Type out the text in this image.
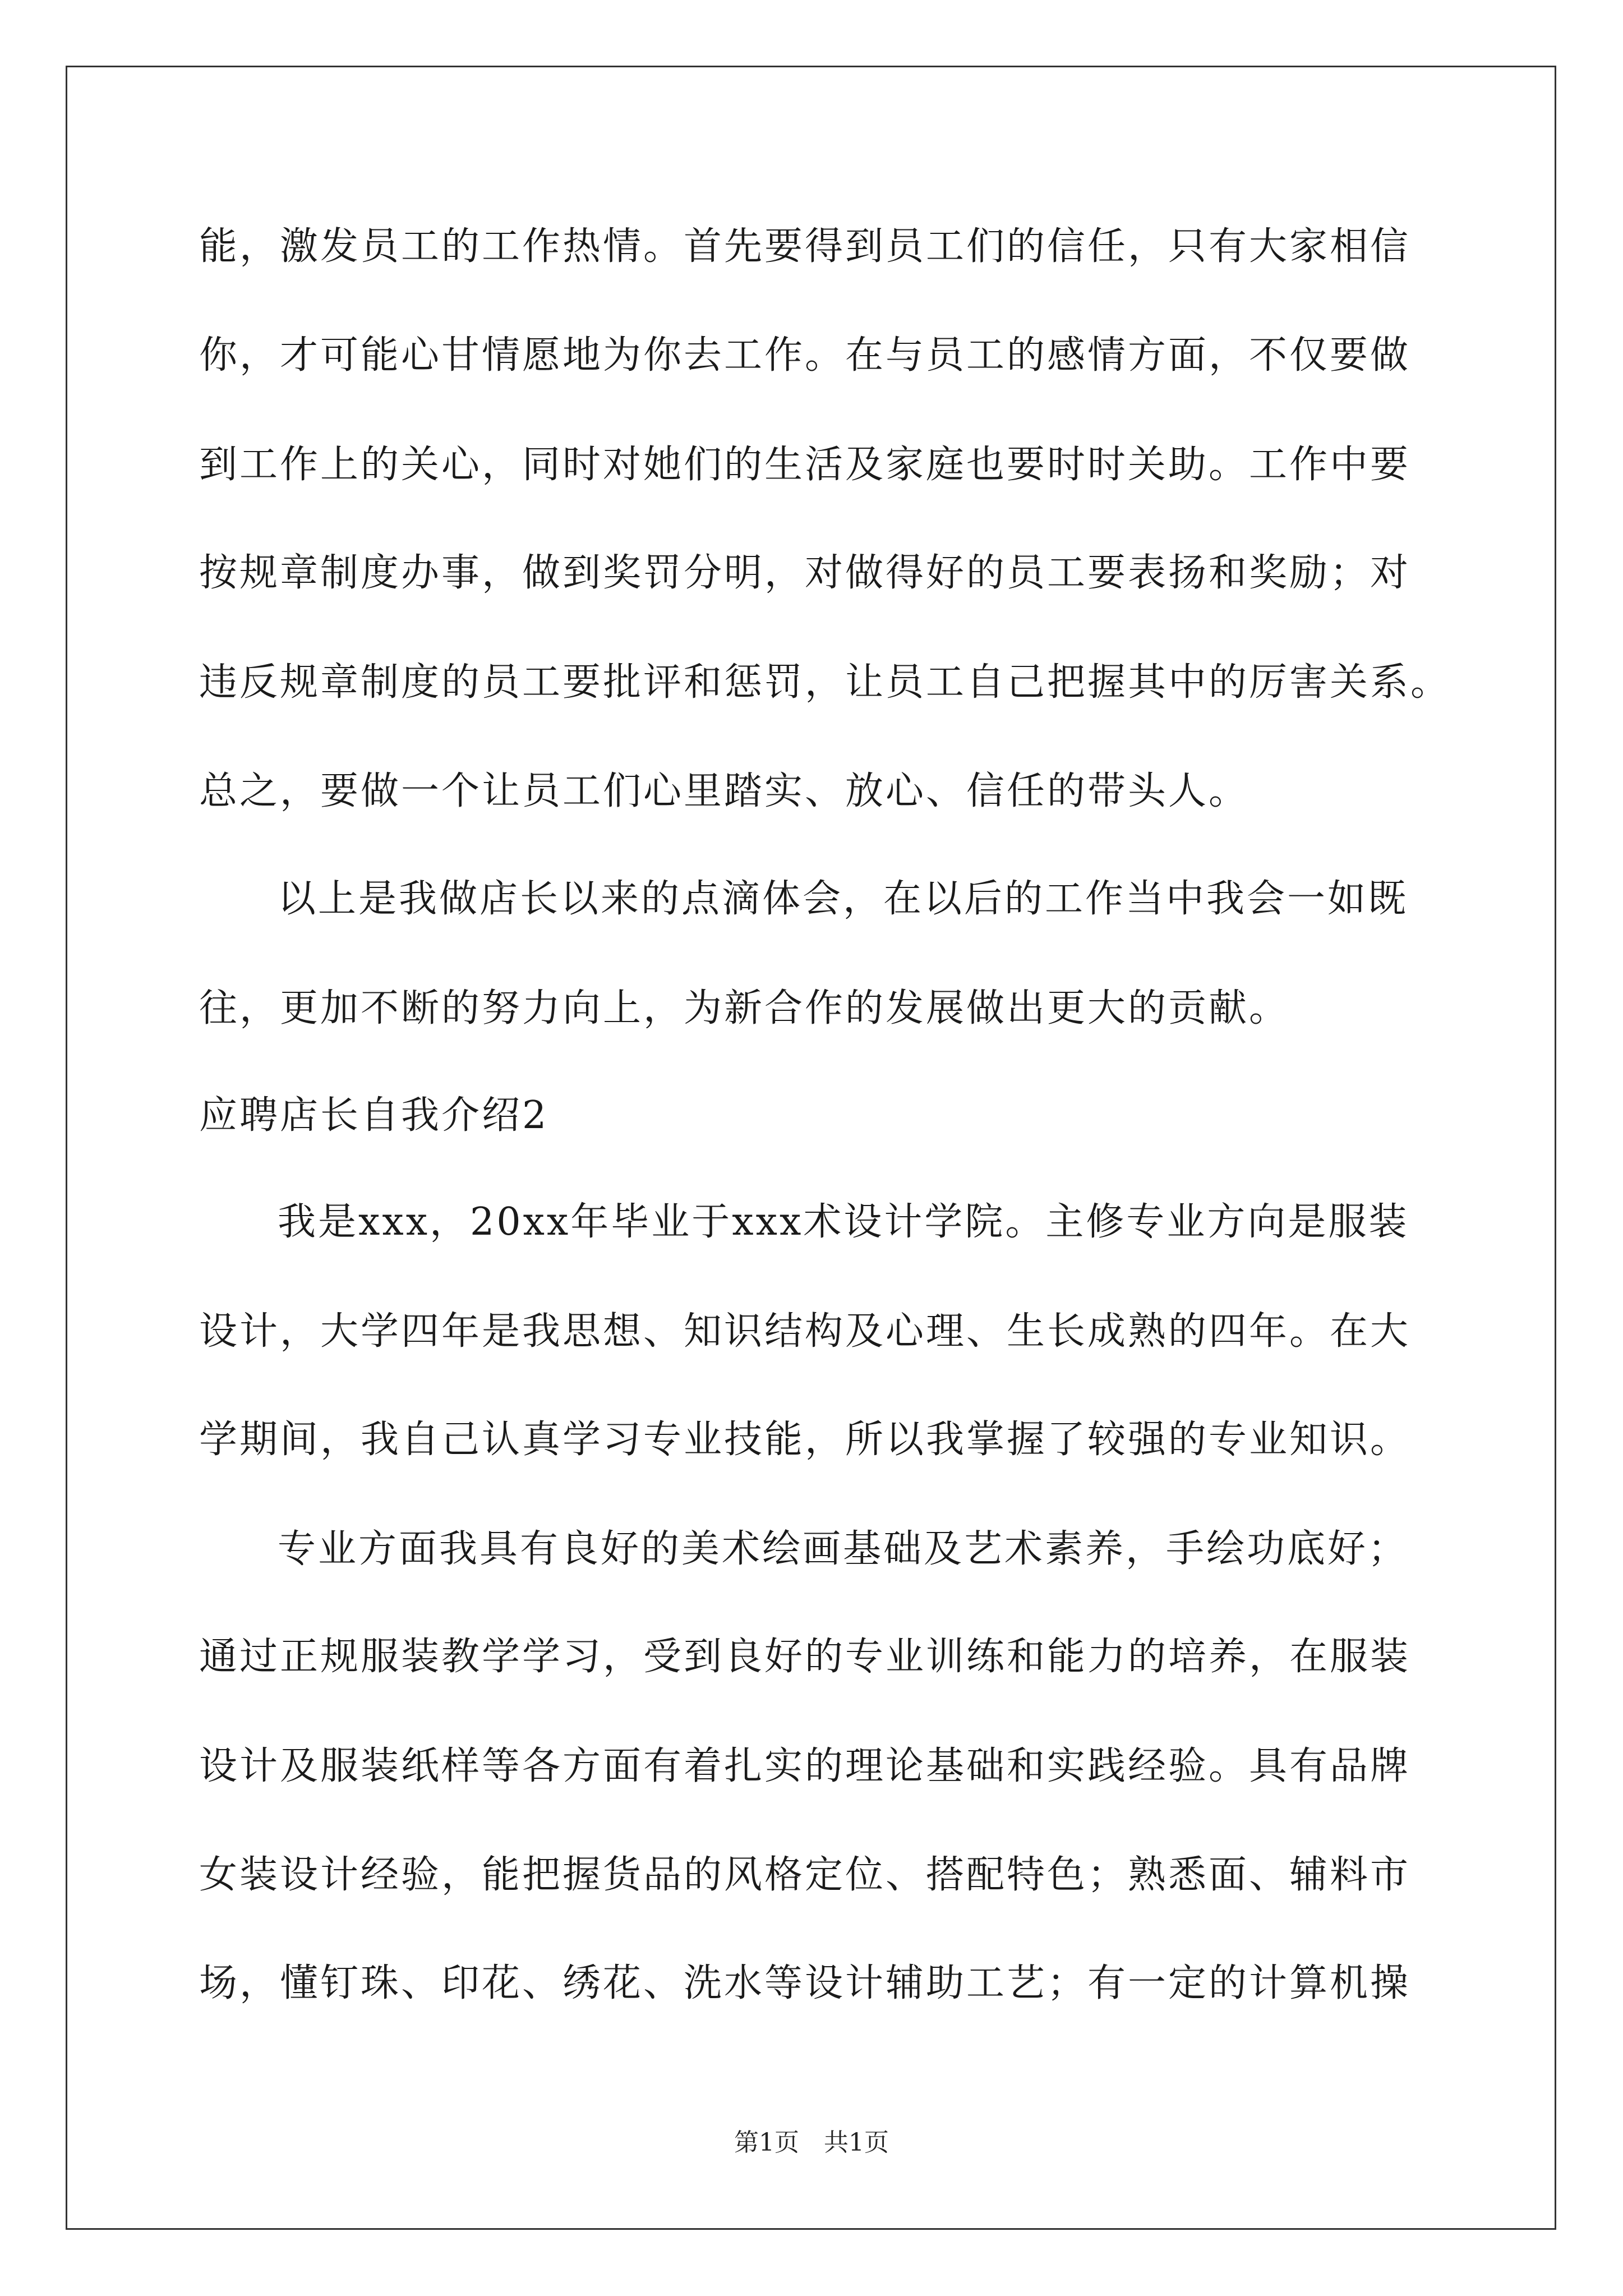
能，激发员工的工作热情。首先要得到员工们的信任，只有大家相信
你，才可能心甘情愿地为你去工作。在与员工的感情方面，不仅要做
到工作上的关心，同时对她们的生活及家庭也要时时关助。工作中要
按规章制度办事，做到奖罚分明，对做得好的员工要表扬和奖励；对
违反规章制度的员工要批评和惩罚，让员工自己把握其中的厉害关系。
总之，要做一个让员工们心里踏实、放心、信任的带头人。
以上是我做店长以来的点滴体会，在以后的工作当中我会一如既
往，更加不断的努力向上，为新合作的发展做出更大的贡献。
应聘店长自我介绍2
我是xxx，20xx年毕业于xxx术设计学院。主修专业方向是服装
设计，大学四年是我思想、知识结构及心理、生长成熟的四年。在大
学期间，我自己认真学习专业技能，所以我掌握了较强的专业知识。
专业方面我具有良好的美术绘画基础及艺术素养，手绘功底好；
通过正规服装教学学习，受到良好的专业训练和能力的培养，在服装
设计及服装纸样等各方面有着扎实的理论基础和实践经验。具有品牌
女装设计经验，能把握货品的风格定位、搭配特色；熟悉面、辅料市
场，懂钉珠、印花、绣花、洗水等设计辅助工艺；有一定的计算机操
第1页　共1页
